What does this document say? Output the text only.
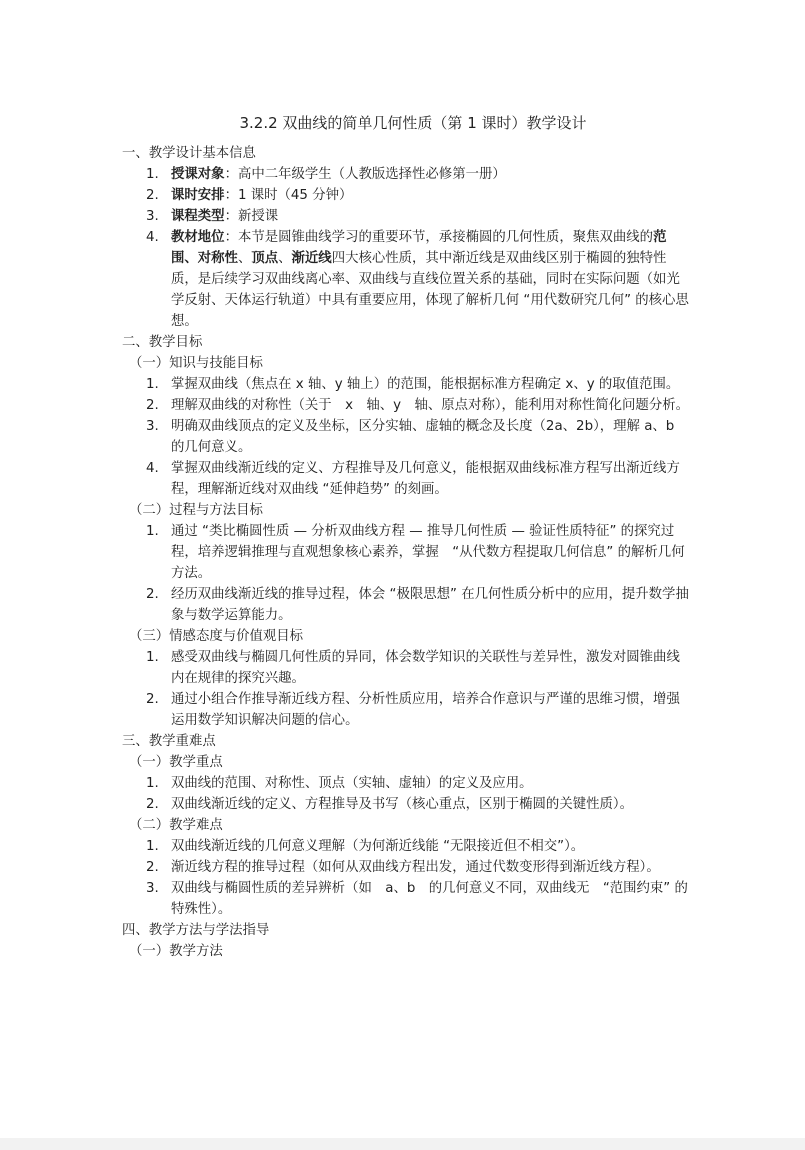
3.2.2 双曲线的简单几何性质（第 1 课时）教学设计
一、教学设计基本信息
1. 授课对象：高中二年级学生（人教版选择性必修第一册）
2. 课时安排：1 课时（45 分钟）
3. 课程类型：新授课
4. 教材地位：本节是圆锥曲线学习的重要环节，承接椭圆的几何性质，聚焦双曲线的范围、对称性、顶点、渐近线四大核心性质，其中渐近线是双曲线区别于椭圆的独特性质，是后续学习双曲线离心率、双曲线与直线位置关系的基础，同时在实际问题（如光学反射、天体运行轨道）中具有重要应用，体现了解析几何 “用代数研究几何” 的核心思想。
二、教学目标
（一）知识与技能目标
1. 掌握双曲线（焦点在 x 轴、y 轴上）的范围，能根据标准方程确定 x、y 的取值范围。
2. 理解双曲线的对称性（关于　x　轴、y　轴、原点对称），能利用对称性简化问题分析。
3. 明确双曲线顶点的定义及坐标，区分实轴、虚轴的概念及长度（2a、2b），理解 a、b 的几何意义。
4. 掌握双曲线渐近线的定义、方程推导及几何意义，能根据双曲线标准方程写出渐近线方程，理解渐近线对双曲线 “延伸趋势” 的刻画。
（二）过程与方法目标
1. 通过 “类比椭圆性质 — 分析双曲线方程 — 推导几何性质 — 验证性质特征” 的探究过程，培养逻辑推理与直观想象核心素养，掌握　“从代数方程提取几何信息” 的解析几何方法。
2. 经历双曲线渐近线的推导过程，体会 “极限思想” 在几何性质分析中的应用，提升数学抽象与数学运算能力。
（三）情感态度与价值观目标
1. 感受双曲线与椭圆几何性质的异同，体会数学知识的关联性与差异性，激发对圆锥曲线内在规律的探究兴趣。
2. 通过小组合作推导渐近线方程、分析性质应用，培养合作意识与严谨的思维习惯，增强运用数学知识解决问题的信心。
三、教学重难点
（一）教学重点
1. 双曲线的范围、对称性、顶点（实轴、虚轴）的定义及应用。
2. 双曲线渐近线的定义、方程推导及书写（核心重点，区别于椭圆的关键性质）。
（二）教学难点
1. 双曲线渐近线的几何意义理解（为何渐近线能 “无限接近但不相交”）。
2. 渐近线方程的推导过程（如何从双曲线方程出发，通过代数变形得到渐近线方程）。
3. 双曲线与椭圆性质的差异辨析（如　a、b　的几何意义不同，双曲线无　“范围约束” 的特殊性）。
四、教学方法与学法指导
（一）教学方法
